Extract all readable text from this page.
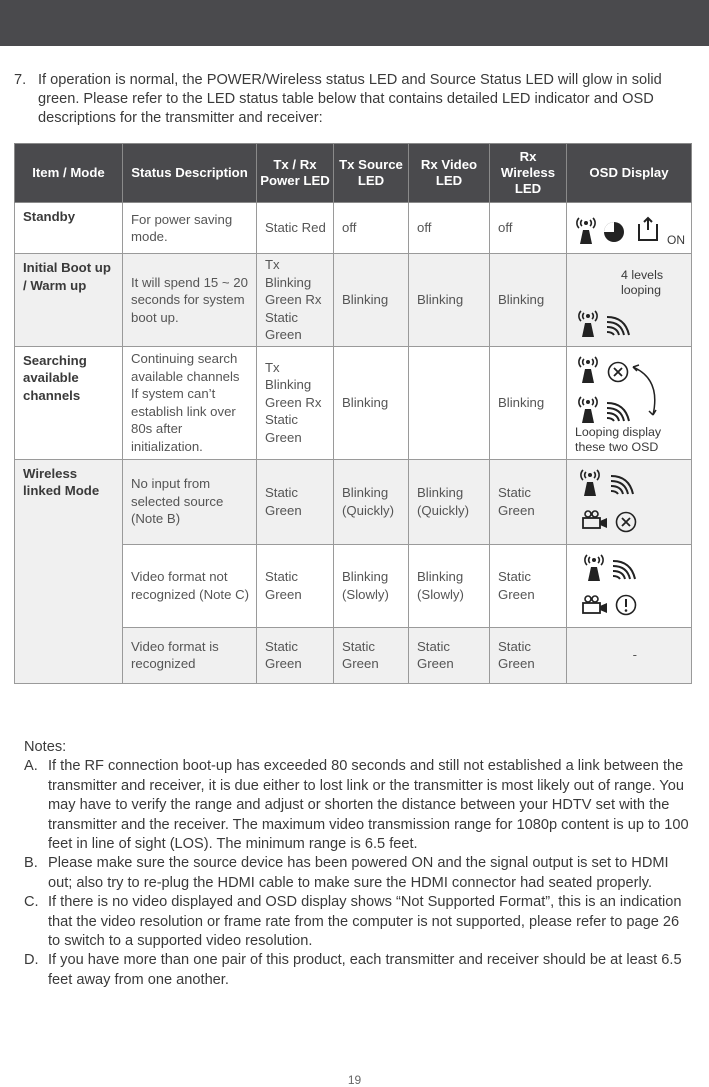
7. If operation is normal, the POWER/Wireless status LED and Source Status LED will glow in solid green. Please refer to the LED status table below that contains detailed LED indicator and OSD descriptions for the transmitter and receiver:
Item / Mode	Status Description	Tx / Rx Power LED	Tx Source LED	Rx Video LED	Rx Wireless LED	OSD Display
Standby	For power saving mode.	Static Red	off	off	off	ON

Initial Boot up / Warm up	It will spend 15 ~ 20 seconds for system boot up.	Tx Blinking Green Rx Static Green	Blinking	Blinking	Blinking	4 levels looping

Searching available channels	Continuing search available channels If system can’t establish link over 80s after initialization.	Tx Blinking Green Rx Static Green	Blinking		Blinking	Looping display these two OSD

Wireless linked Mode	No input from selected source (Note B)	Static Green	Blinking (Quickly)	Blinking (Quickly)	Static Green	

	Video format not recognized (Note C)	Static Green	Blinking (Slowly)	Blinking (Slowly)	Static Green	

	Video format is recognized	Static Green	Static Green	Static Green	Static Green	-
Notes:
A. If the RF connection boot-up has exceeded 80 seconds and still not established a link between the transmitter and receiver, it is due either to lost link or the transmitter is most likely out of range. You may have to verify the range and adjust or shorten the distance between your HDTV set with the transmitter and the receiver. The maximum video transmission range for 1080p content is up to 100 feet in line of sight (LOS). The minimum range is 6.5 feet.
B. Please make sure the source device has been powered ON and the signal output is set to HDMI out; also try to re-plug the HDMI cable to make sure the HDMI connector had seated properly.
C. If there is no video displayed and OSD display shows “Not Supported Format”, this is an indication that the video resolution or frame rate from the computer is not supported, please refer to page 26 to switch to a supported video resolution.
D. If you have more than one pair of this product, each transmitter and receiver should be at least 6.5 feet away from one another.
19
